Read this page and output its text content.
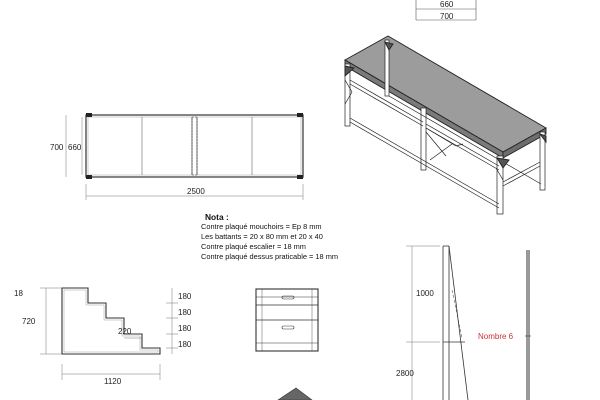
660
700
700 660
2500
18
720
180
180
180
180
220
1120
1000
2800
Nombre 6
Nota :
Contre plaqué mouchoirs = Ep 8 mm
Les battants = 20 x 80 mm et 20 x 40
Contre plaqué escalier = 18 mm
Contre plaqué dessus praticable = 18 mm
